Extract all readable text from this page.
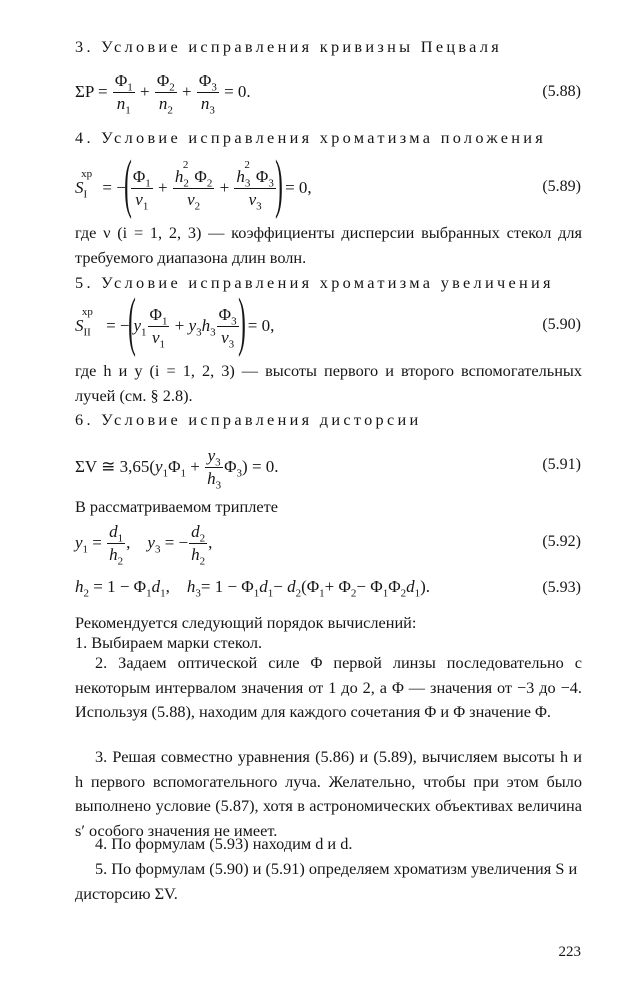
3. Условие исправления кривизны Пецваля
$\Sigma P = \frac{\Phi_1}{n_1} + \frac{\Phi_2}{n_2} + \frac{\Phi_3}{n_3} = 0$.	(5.88)
4. Условие исправления хроматизма положения
$S_I^{хр}$
= −
( $\frac{\Phi_1}{\nu_1} + \frac{h_2^2\Phi_2}{\nu_2} + \frac{h_3^2\Phi_3}{\nu_3}$ )
= 0,	(5.89)
где ν (i = 1, 2, 3) — коэффициенты дисперсии выбранных стекол для требуемого диапазона длин волн.
5. Условие исправления хроматизма увеличения
$S_{II}^{хр}$
= −
(
$y_1 \frac{\Phi_1}{\nu_1} + y_3h_3 \frac{\Phi_3}{\nu_3}$ )
= 0,	(5.90)
где h и y (i = 1, 2, 3) — высоты первого и второго вспомогательных лучей (см. § 2.8).
6. Условие исправления дисторсии
ΣV ≅ 3,65 $(y_1\Phi_1 + \frac{y_3}{h_3} \Phi_3) = 0$.	(5.91)
В рассматриваемом триплете
$y_1 = \frac{d_1}{h_2}$ ,    $y_3$ = − $\frac{d_2}{h_2}$ ,	(5.92)
$h_2 = 1 - \Phi_1d_1$,    $h_3= 1 - \Phi_1d_1- d_2(\Phi_1+ \Phi_2- \Phi_1\Phi_2d_1)$.	(5.93)
Рекомендуется следующий порядок вычислений:
1. Выбираем марки стекол.
2. Задаем оптической силе Φ первой линзы последовательно с некоторым интервалом значения от 1 до 2, а Φ — значения от −3 до −4. Используя (5.88), находим для каждого сочетания Φ и Φ значение Φ.
3. Решая совместно уравнения (5.86) и (5.89), вычисляем высоты h и h первого вспомогательного луча. Желательно, чтобы при этом было выполнено условие (5.87), хотя в астрономических объективах величина s′ особого значения не имеет.
4. По формулам (5.93) находим d и d.
5. По формулам (5.90) и (5.91) определяем хроматизм увеличения S и дисторсию ΣV.
223
